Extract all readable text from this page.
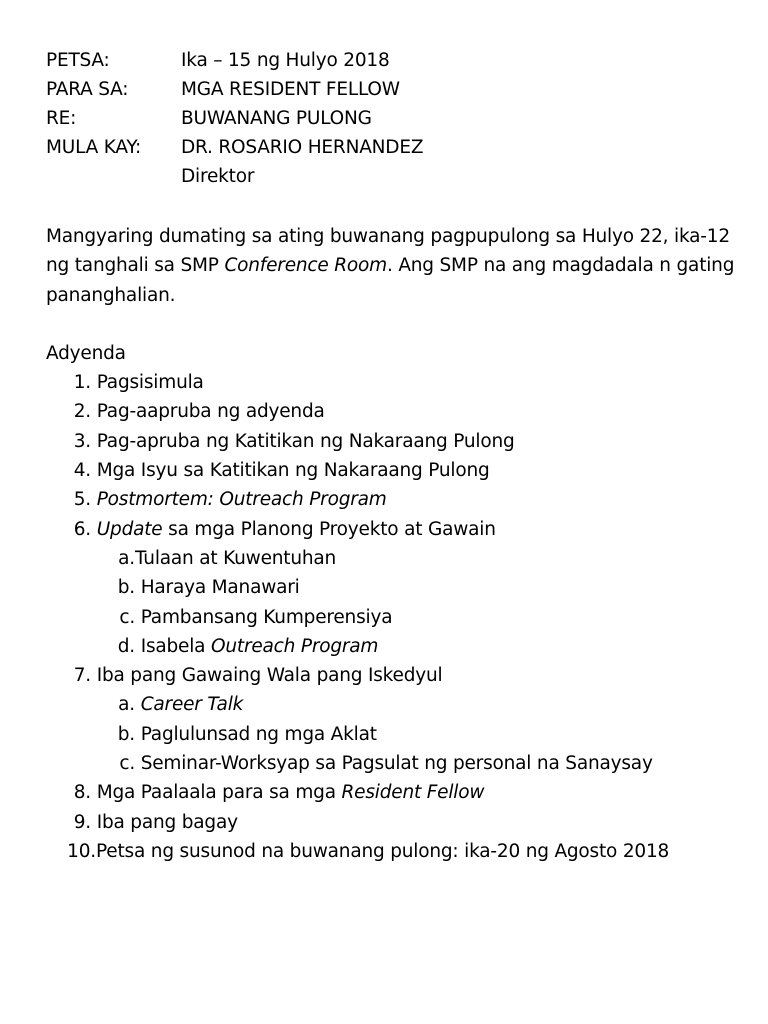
PETSA:	Ika – 15 ng Hulyo 2018
PARA SA:	MGA RESIDENT FELLOW
RE:	BUWANANG PULONG
MULA KAY:	DR. ROSARIO HERNANDEZ
Direktor
Mangyaring dumating sa ating buwanang pagpupulong sa Hulyo 22, ika-12 ng tanghali sa SMP Conference Room. Ang SMP na ang magdadala n gating pananghalian.
Adyenda
1.
Pagsisimula
2.
Pag-aapruba ng adyenda
3.
Pag-apruba ng Katitikan ng Nakaraang Pulong
4.
Mga Isyu sa Katitikan ng Nakaraang Pulong
5.
Postmortem: Outreach Program
6.
Update sa mga Planong Proyekto at Gawain
a. Tulaan at Kuwentuhan
b.
Haraya Manawari
c.
Pambansang Kumperensiya
d.
Isabela Outreach Program
7.
Iba pang Gawaing Wala pang Iskedyul
a.
Career Talk
b.
Paglulunsad ng mga Aklat
c.
Seminar-Worksyap sa Pagsulat ng personal na Sanaysay
8.
Mga Paalaala para sa mga Resident Fellow
9.
Iba pang bagay
10. Petsa ng susunod na buwanang pulong: ika-20 ng Agosto 2018
